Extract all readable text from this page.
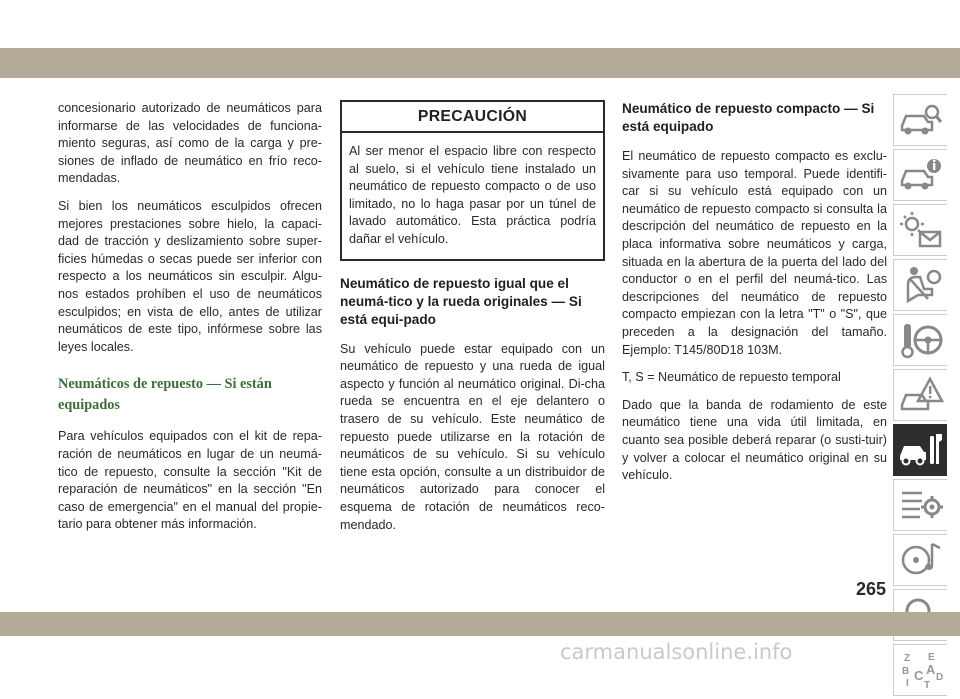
concesionario autorizado de neumáticos para informarse de las velocidades de funciona-miento seguras, así como de la carga y pre-siones de inflado de neumático en frío reco-mendadas.

Si bien los neumáticos esculpidos ofrecen mejores prestaciones sobre hielo, la capaci-dad de tracción y deslizamiento sobre super-ficies húmedas o secas puede ser inferior con respecto a los neumáticos sin esculpir. Algu-nos estados prohíben el uso de neumáticos esculpidos; en vista de ello, antes de utilizar neumáticos de este tipo, infórmese sobre las leyes locales.

Neumáticos de repuesto — Si están equipados

Para vehículos equipados con el kit de repa-ración de neumáticos en lugar de un neumá-tico de repuesto, consulte la sección "Kit de reparación de neumáticos" en la sección "En caso de emergencia" en el manual del propie-tario para obtener más información.

PRECAUCIÓN

Al ser menor el espacio libre con respecto al suelo, si el vehículo tiene instalado un neumático de repuesto compacto o de uso limitado, no lo haga pasar por un túnel de lavado automático. Esta práctica podría dañar el vehículo.

Neumático de repuesto igual que el neumá-tico y la rueda originales — Si está equi-pado

Su vehículo puede estar equipado con un neumático de repuesto y una rueda de igual aspecto y función al neumático original. Di-cha rueda se encuentra en el eje delantero o trasero de su vehículo. Este neumático de repuesto puede utilizarse en la rotación de neumáticos de su vehículo. Si su vehículo tiene esta opción, consulte a un distribuidor de neumáticos autorizado para conocer el esquema de rotación de neumáticos reco-mendado.

Neumático de repuesto compacto — Si está equipado

El neumático de repuesto compacto es exclu-sivamente para uso temporal. Puede identifi-car si su vehículo está equipado con un neumático de repuesto compacto si consulta la descripción del neumático de repuesto en la placa informativa sobre neumáticos y carga, situada en la abertura de la puerta del lado del conductor o en el perfil del neumá-tico. Las descripciones del neumático de repuesto compacto empiezan con la letra "T" o "S", que preceden a la designación del tamaño. Ejemplo: T145/80D18 103M.

T, S = Neumático de repuesto temporal

Dado que la banda de rodamiento de este neumático tiene una vida útil limitada, en cuanto sea posible deberá reparar (o susti-tuir) y volver a colocar el neumático original en su vehículo.

Z E
B A
I
C D
T
265
carmanualsonline.info
